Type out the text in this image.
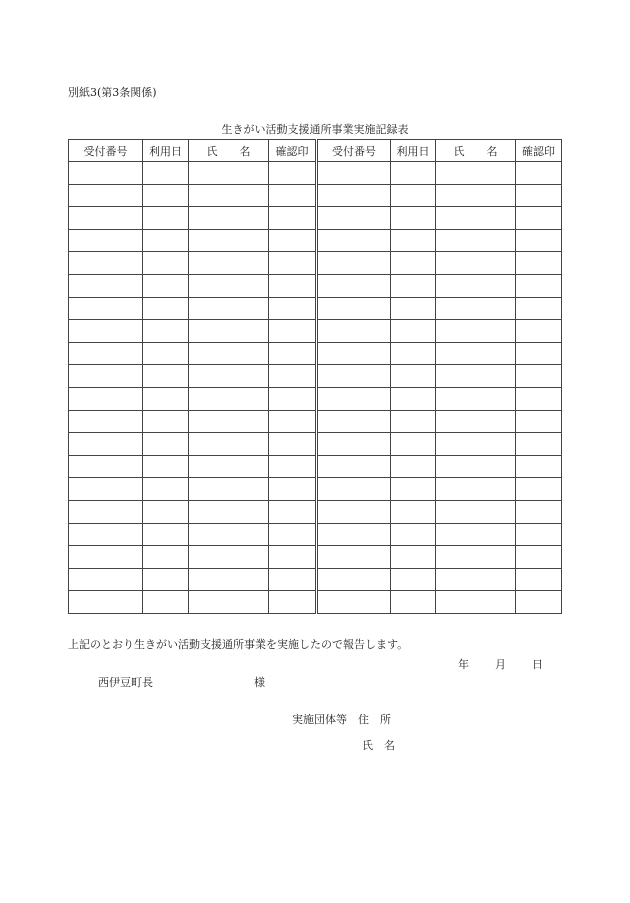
別紙3(第3条関係)
生きがい活動支援通所事業実施記録表
受付番号	利用日	氏　　名	確認印	受付番号	利用日	氏　　名	確認印

上記のとおり生きがい活動支援通所事業を実施したので報告します。
年 月 日
西伊豆町長	様
実施団体等　住　所
氏　名
